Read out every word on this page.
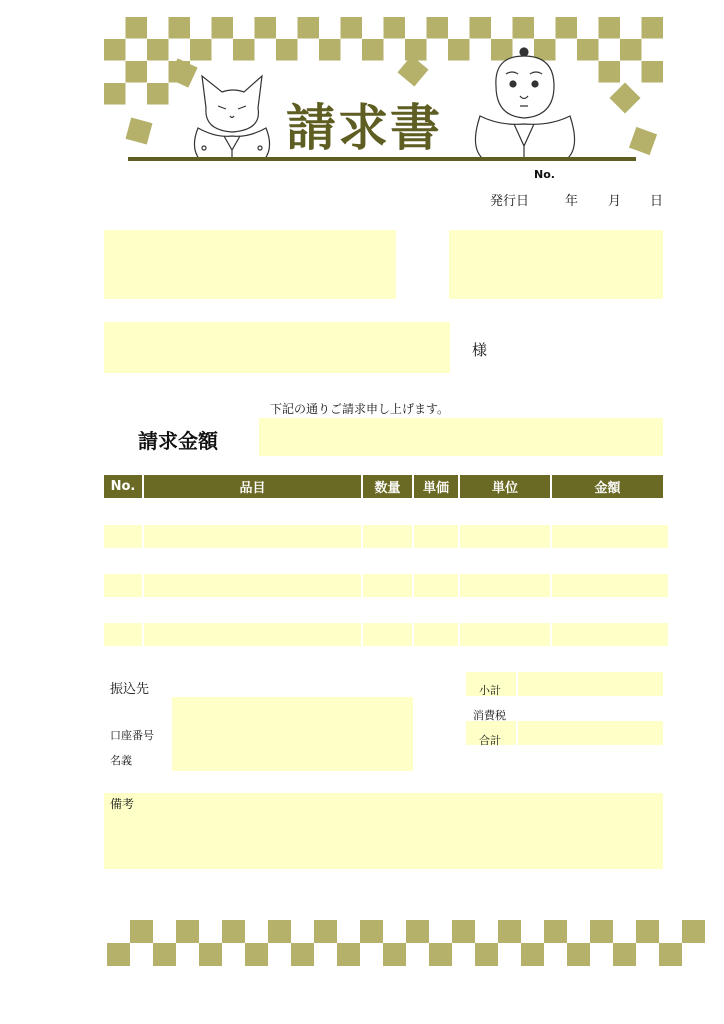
請求書
No.
発行日	年 月 日
様
下記の通りご請求申し上げます。
請求金額
No.	品目	数量	単価	単位	金額
振込先
口座番号
名義
小計
消費税
合計
備考
